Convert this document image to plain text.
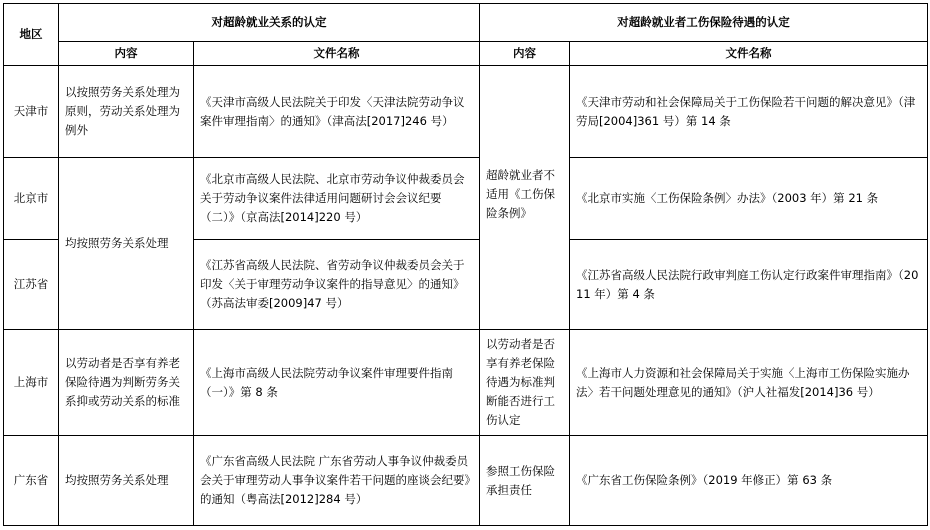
地区	对超龄就业关系的认定		对超龄就业者工伤保险待遇的认定	
	内容	文件名称	内容	文件名称
天津市	以按照劳务关系处理为原则，劳动关系处理为例外	《天津市高级人民法院关于印发〈天津法院劳动争议案件审理指南〉的通知》（津高法[2017]246 号）	超龄就业者不适用《工伤保险条例》	《天津市劳动和社会保障局关于工伤保险若干问题的解决意见》（津劳局[2004]361 号）第 14 条
北京市	均按照劳务关系处理	《北京市高级人民法院、北京市劳动争议仲裁委员会关于劳动争议案件法律适用问题研讨会会议纪要（二）》（京高法[2014]220 号）		《北京市实施〈工伤保险条例〉办法》（2003 年）第 21 条
江苏省		《江苏省高级人民法院、省劳动争议仲裁委员会关于印发〈关于审理劳动争议案件的指导意见〉的通知》（苏高法审委[2009]47 号）		《江苏省高级人民法院行政审判庭工伤认定行政案件审理指南》（2011 年）第 4 条
上海市	以劳动者是否享有养老保险待遇为判断劳务关系抑或劳动关系的标准	《上海市高级人民法院劳动争议案件审理要件指南（一）》第 8 条	以劳动者是否享有养老保险待遇为标准判断能否进行工伤认定	《上海市人力资源和社会保障局关于实施〈上海市工伤保险实施办法〉若干问题处理意见的通知》（沪人社福发[2014]36 号）
广东省	均按照劳务关系处理	《广东省高级人民法院 广东省劳动人事争议仲裁委员会关于审理劳动人事争议案件若干问题的座谈会纪要》的通知（粤高法[2012]284 号）	参照工伤保险承担责任	《广东省工伤保险条例》（2019 年修正）第 63 条
